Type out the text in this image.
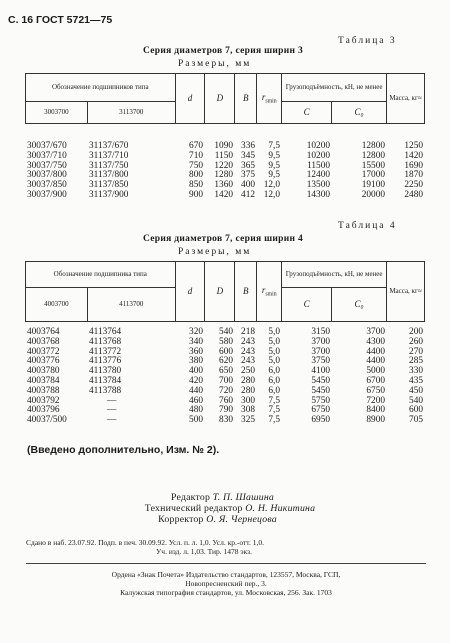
С. 16 ГОСТ 5721—75
Таблица 3
Серия диаметров 7, серия ширин 3
Размеры, мм
Обозначение подшипников типа		d	D	B	$r_{smin}$	Грузоподъёмность, кН, не менее		Масса, кг≈
3003700	3113700					C	C₀	
30037/670	31137/670	670	1090	336	7,5	10200	12800	1250
30037/710	31137/710	710	1150	345	9,5	10200	12800	1420
30037/750	31137/750	750	1220	365	9,5	11500	15500	1690
30037/800	31137/800	800	1280	375	9,5	12400	17000	1870
30037/850	31137/850	850	1360	400	12,0	13500	19100	2250
30037/900	31137/900	900	1420	412	12,0	14300	20000	2480
Таблица 4
Серия диаметров 7, серия ширин 4
Размеры, мм
Обозначение подшипника типа		d	D	B	$r_{smin}$	Грузоподъёмность, кН, не менее		Масса, кг≈
4003700	4113700					C	C₀	
4003764	4113764	320	540	218	5,0	3150	3700	200
4003768	4113768	340	580	243	5,0	3700	4300	260
4003772	4113772	360	600	243	5,0	3700	4400	270
4003776	4113776	380	620	243	5,0	3750	4400	285
4003780	4113780	400	650	250	6,0	4100	5000	330
4003784	4113784	420	700	280	6,0	5450	6700	435
4003788	4113788	440	720	280	6,0	5450	6750	450
4003792	—	460	760	300	7,5	5750	7200	540
4003796	—	480	790	308	7,5	6750	8400	600
40037/500	—	500	830	325	7,5	6950	8900	705
(Введено дополнительно, Изм. № 2).
Редактор Т. П. Шашина
Технический редактор О. Н. Никитина
Корректор О. Я. Чернецова
Сдано в наб. 23.07.92. Подп. в печ. 30.09.92. Усл. п. л. 1,0. Усл. кр.-отт. 1,0.
Уч. изд. л. 1,03. Тир. 1478 экз.
Ордена «Знак Почета» Издательство стандартов, 123557, Москва, ГСП,
Новопресненский пер., 3.
Калужская типография стандартов, ул. Московская, 256. Зак. 1703
